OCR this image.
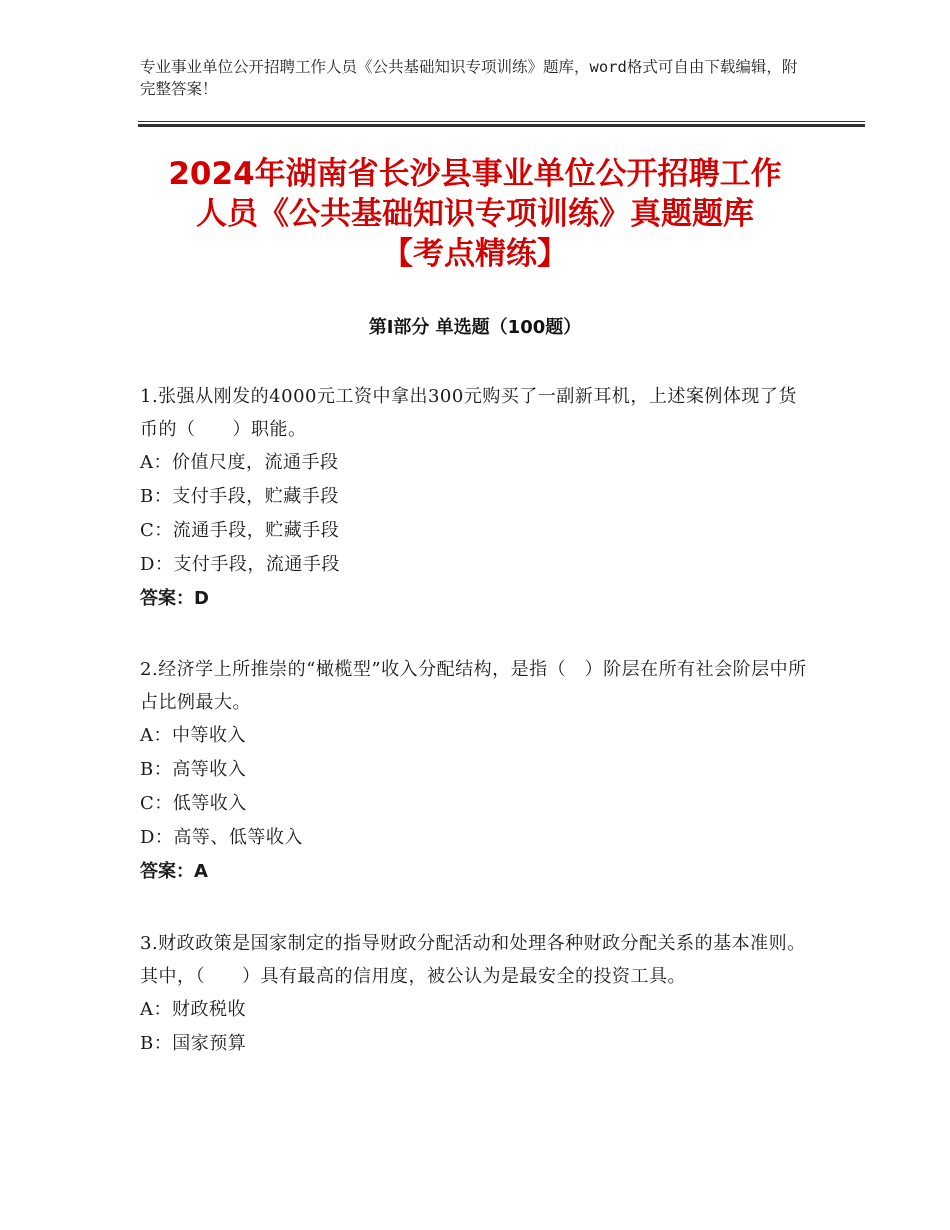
专业事业单位公开招聘工作人员《公共基础知识专项训练》题库，word格式可自由下载编辑，附完整答案！
2024年湖南省长沙县事业单位公开招聘工作
人员《公共基础知识专项训练》真题题库
【考点精练】
第Ⅰ部分 单选题（100题）
1.张强从刚发的4000元工资中拿出300元购买了一副新耳机，上述案例体现了货币的（　　）职能。
A：价值尺度，流通手段
B：支付手段，贮藏手段
C：流通手段，贮藏手段
D：支付手段，流通手段
答案：D
2.经济学上所推崇的“橄榄型”收入分配结构，是指（　）阶层在所有社会阶层中所占比例最大。
A：中等收入
B：高等收入
C：低等收入
D：高等、低等收入
答案：A
3.财政政策是国家制定的指导财政分配活动和处理各种财政分配关系的基本准则。其中，（　　）具有最高的信用度，被公认为是最安全的投资工具。
A：财政税收
B：国家预算
